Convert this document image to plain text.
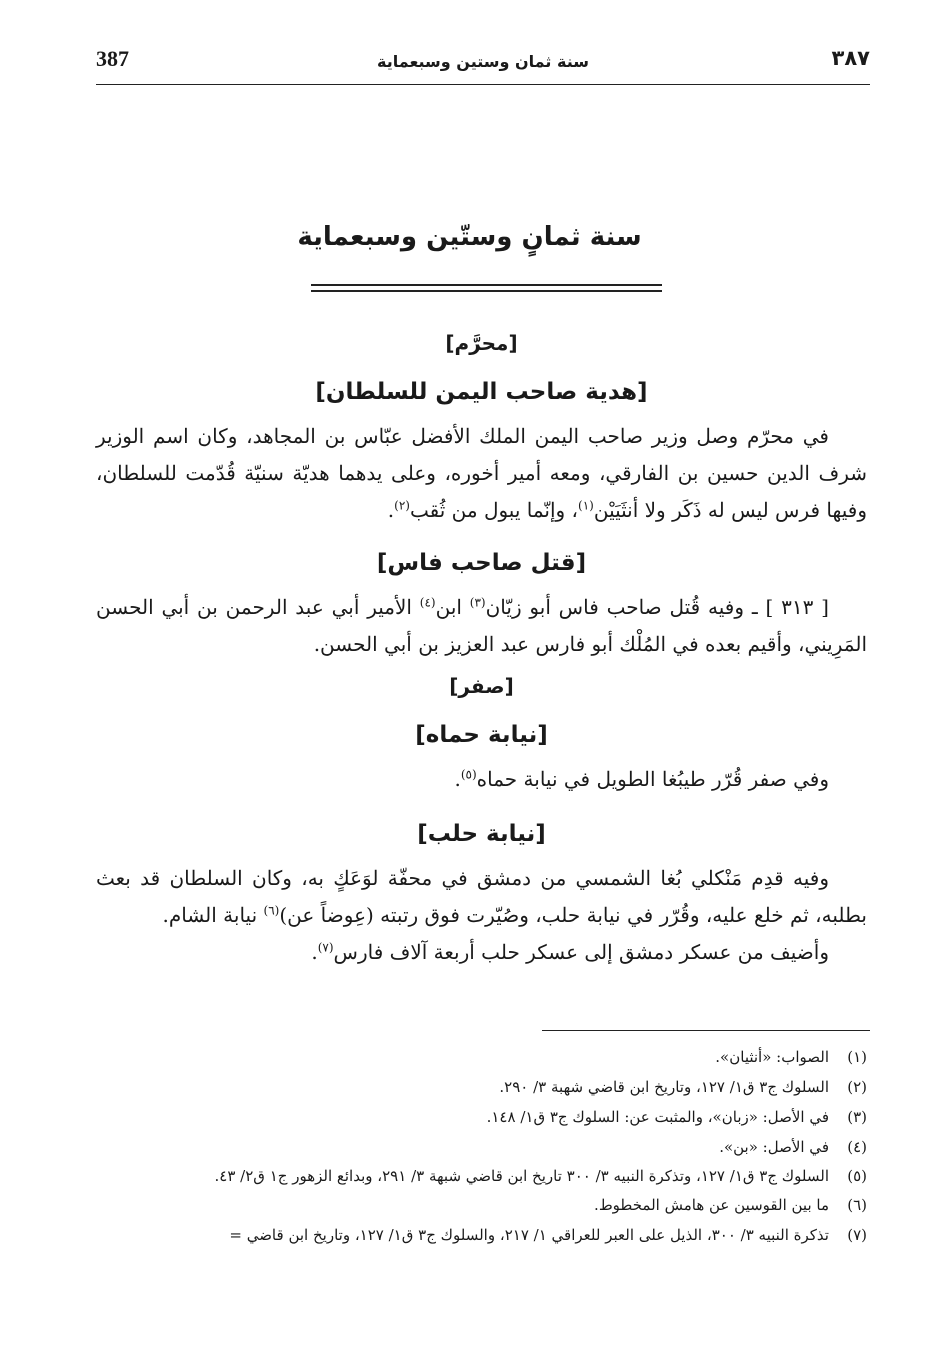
387	سنة ثمان وستين وسبعماية	٣٨٧
سنة ثمانٍ وستّين وسبعماية
[محرَّم]
[هدية صاحب اليمن للسلطان]

في محرّم وصل وزير صاحب اليمن الملك الأفضل عبّاس بن المجاهد، وكان اسم الوزير شرف الدين حسين بن الفارقي، ومعه أمير أخوره، وعلى يدهما هديّة سنيّة قُدّمت للسلطان، وفيها فرس ليس له ذَكَر ولا أنثَيَيْن$^{(١)}$، وإنّما يبول من ثُقب$^{(٢)}$.

[قتل صاحب فاس]

[ ٣١٣ ] ـ وفيه قُتل صاحب فاس أبو زيّان$^{(٣)}$ ابن$^{(٤)}$ الأمير أبي عبد الرحمن بن أبي الحسن المَرِيني، وأقيم بعده في المُلْك أبو فارس عبد العزيز بن أبي الحسن.

[صفر]
[نيابة حماه]

وفي صفر قُرّر طيبُغا الطويل في نيابة حماه$^{(٥)}$.

[نيابة حلب]

وفيه قدِم مَنْكلي بُغا الشمسي من دمشق في محفّة لوَعَكٍ به، وكان السلطان قد بعث بطلبه، ثم خلع عليه، وقُرّر في نيابة حلب، وصُيّرت فوق رتبته (عِوضاً عن)$^{(٦)}$ نيابة الشام.

وأضيف من عسكر دمشق إلى عسكر حلب أربعة آلاف فارس$^{(٧)}$.

(١)
الصواب: «أنثيان».

(٢)
السلوك ج٣ ق١/ ١٢٧، وتاريخ ابن قاضي شهبة ٣/ ٢٩٠.

(٣)
في الأصل: «زبان»، والمثبت عن: السلوك ج٣ ق١/ ١٤٨.

(٤)
في الأصل: «بن».

(٥)
السلوك ج٣ ق١/ ١٢٧، وتذكرة النبيه ٣/ ٣٠٠ تاريخ ابن قاضي شبهة ٣/ ٢٩١، وبدائع الزهور ج١ ق٢/ ٤٣.

(٦)
ما بين القوسين عن هامش المخطوط.

(٧)
تذكرة النبيه ٣/ ٣٠٠، الذيل على العبر للعراقي ١/ ٢١٧، والسلوك ج٣ ق١/ ١٢٧، وتاريخ ابن قاضي =
